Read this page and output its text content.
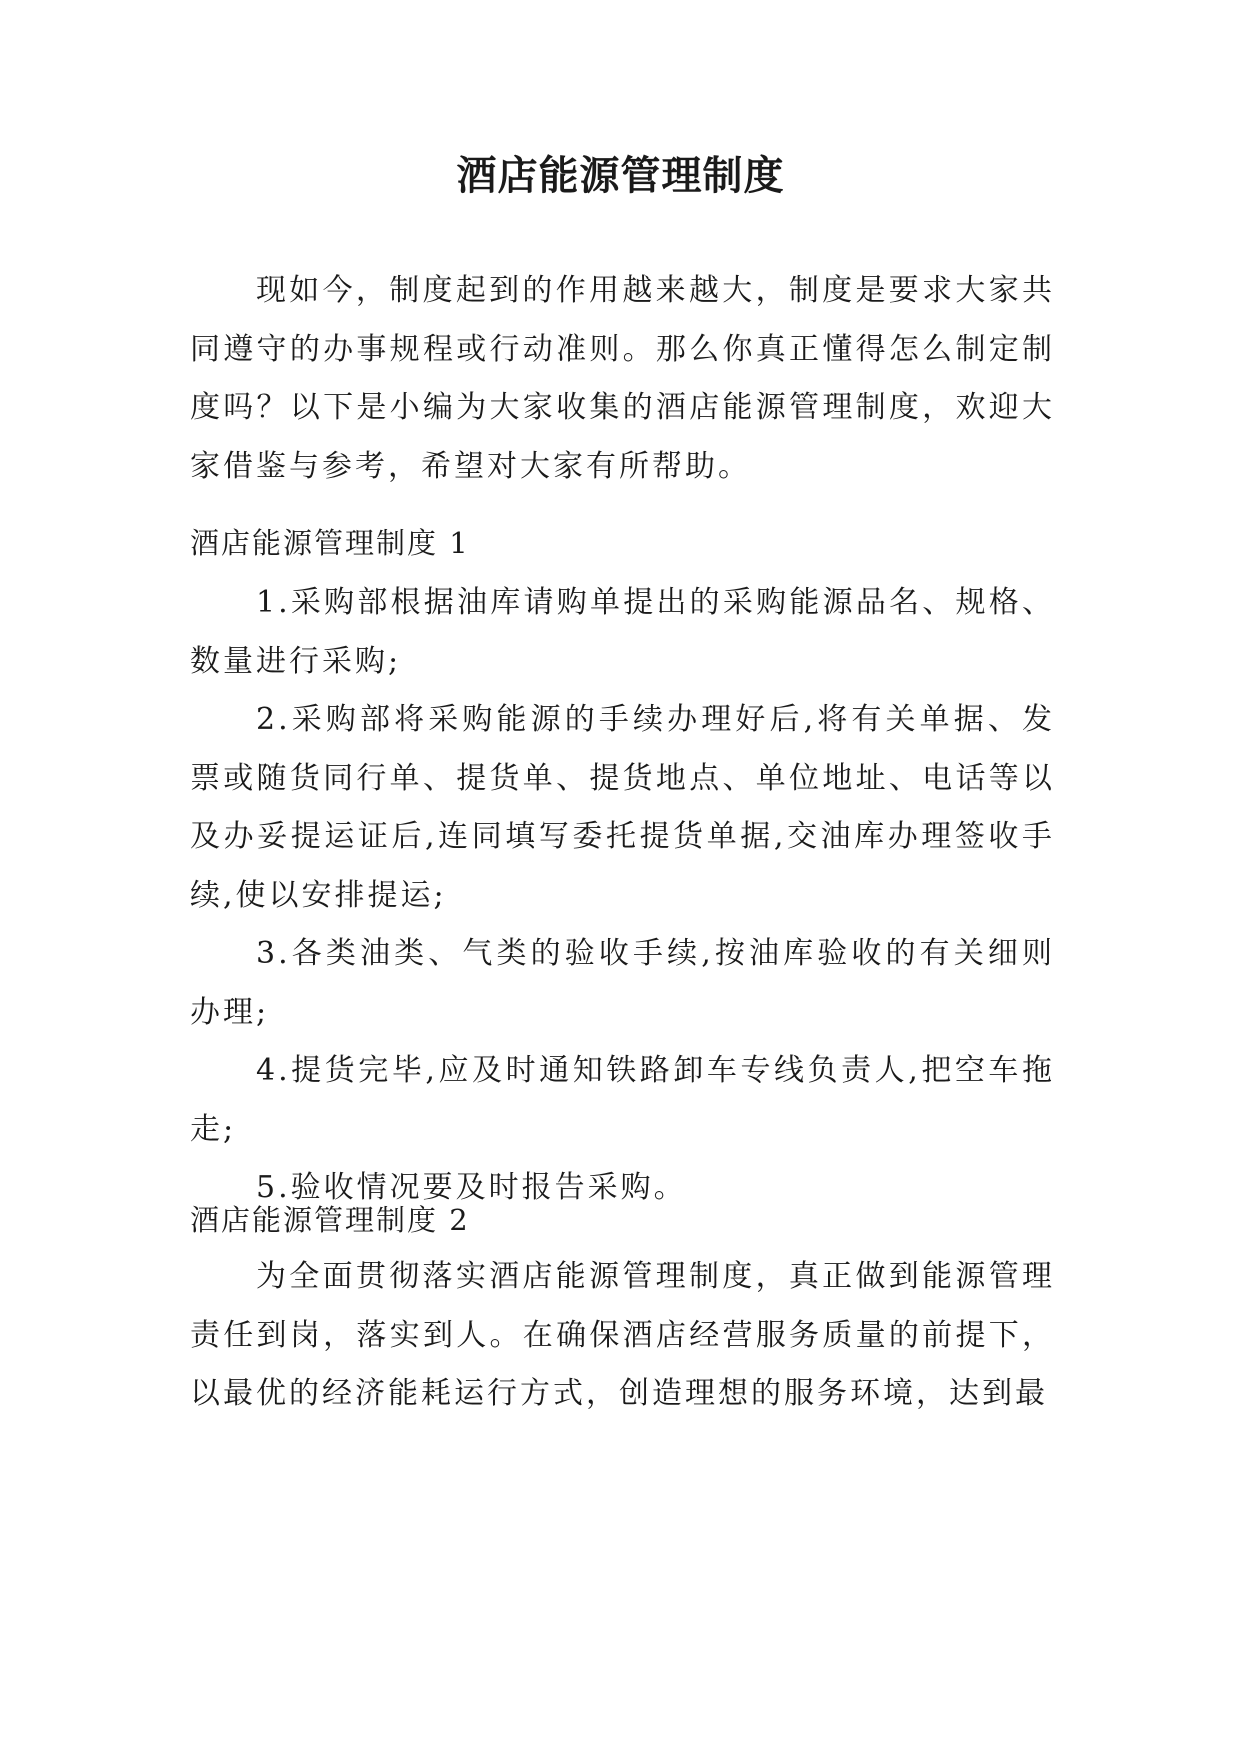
酒店能源管理制度

现如今，制度起到的作用越来越大，制度是要求大家共同遵守的办事规程或行动准则。那么你真正懂得怎么制定制度吗？以下是小编为大家收集的酒店能源管理制度，欢迎大家借鉴与参考，希望对大家有所帮助。

酒店能源管理制度 1

1.采购部根据油库请购单提出的采购能源品名、规格、数量进行采购;

2.采购部将采购能源的手续办理好后,将有关单据、发票或随货同行单、提货单、提货地点、单位地址、电话等以及办妥提运证后,连同填写委托提货单据,交油库办理签收手续,使以安排提运;

3.各类油类、气类的验收手续,按油库验收的有关细则办理;

4.提货完毕,应及时通知铁路卸车专线负责人,把空车拖走;

5.验收情况要及时报告采购。

酒店能源管理制度 2

为全面贯彻落实酒店能源管理制度，真正做到能源管理责任到岗，落实到人。在确保酒店经营服务质量的前提下，以最优的经济能耗运行方式，创造理想的服务环境，达到最
